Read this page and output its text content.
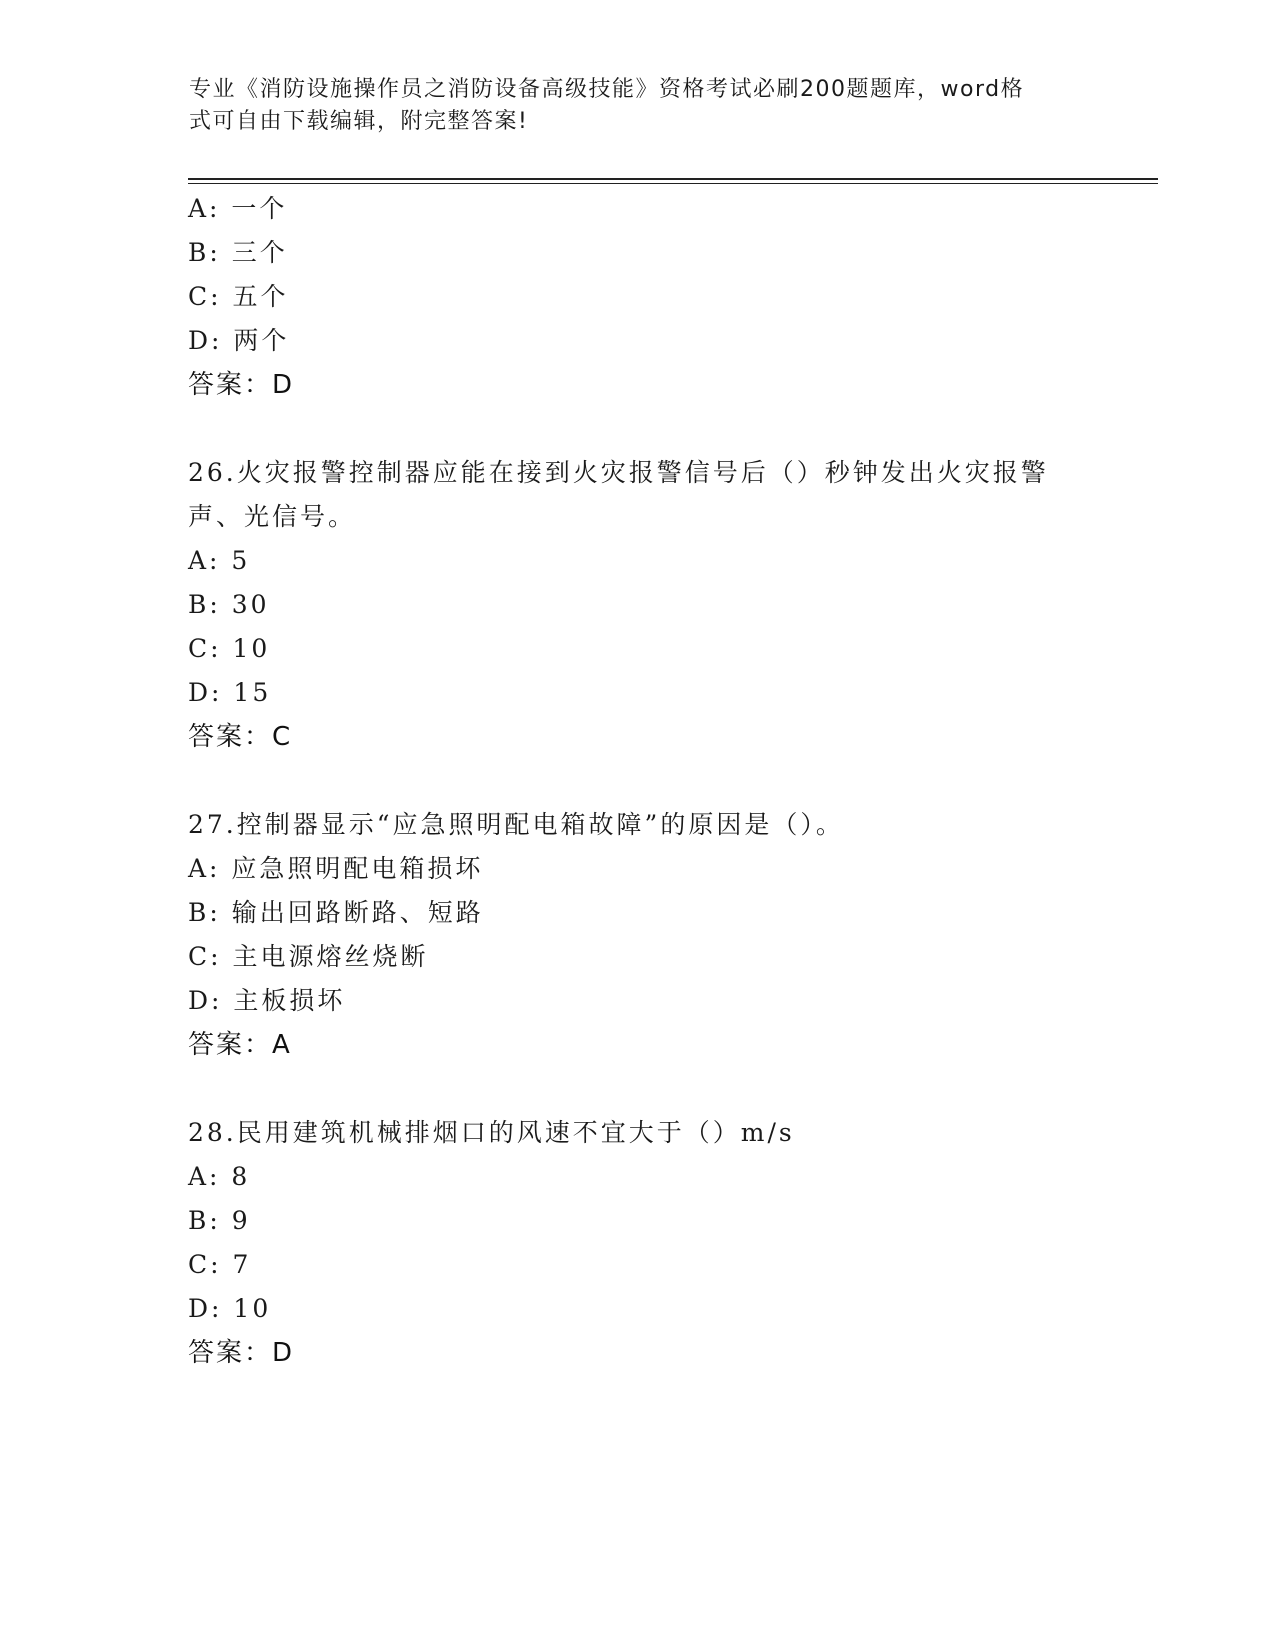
专业《消防设施操作员之消防设备高级技能》资格考试必刷200题题库，word格
式可自由下载编辑，附完整答案!
A: 一个
B: 三个
C: 五个
D: 两个
答案：D
26.火灾报警控制器应能在接到火灾报警信号后（）秒钟发出火灾报警
声、光信号。
A: 5
B: 30
C: 10
D: 15
答案：C
27.控制器显示“应急照明配电箱故障”的原因是（）。
A: 应急照明配电箱损坏
B: 输出回路断路、短路
C: 主电源熔丝烧断
D: 主板损坏
答案：A
28.民用建筑机械排烟口的风速不宜大于（）m/s
A: 8
B: 9
C: 7
D: 10
答案：D
